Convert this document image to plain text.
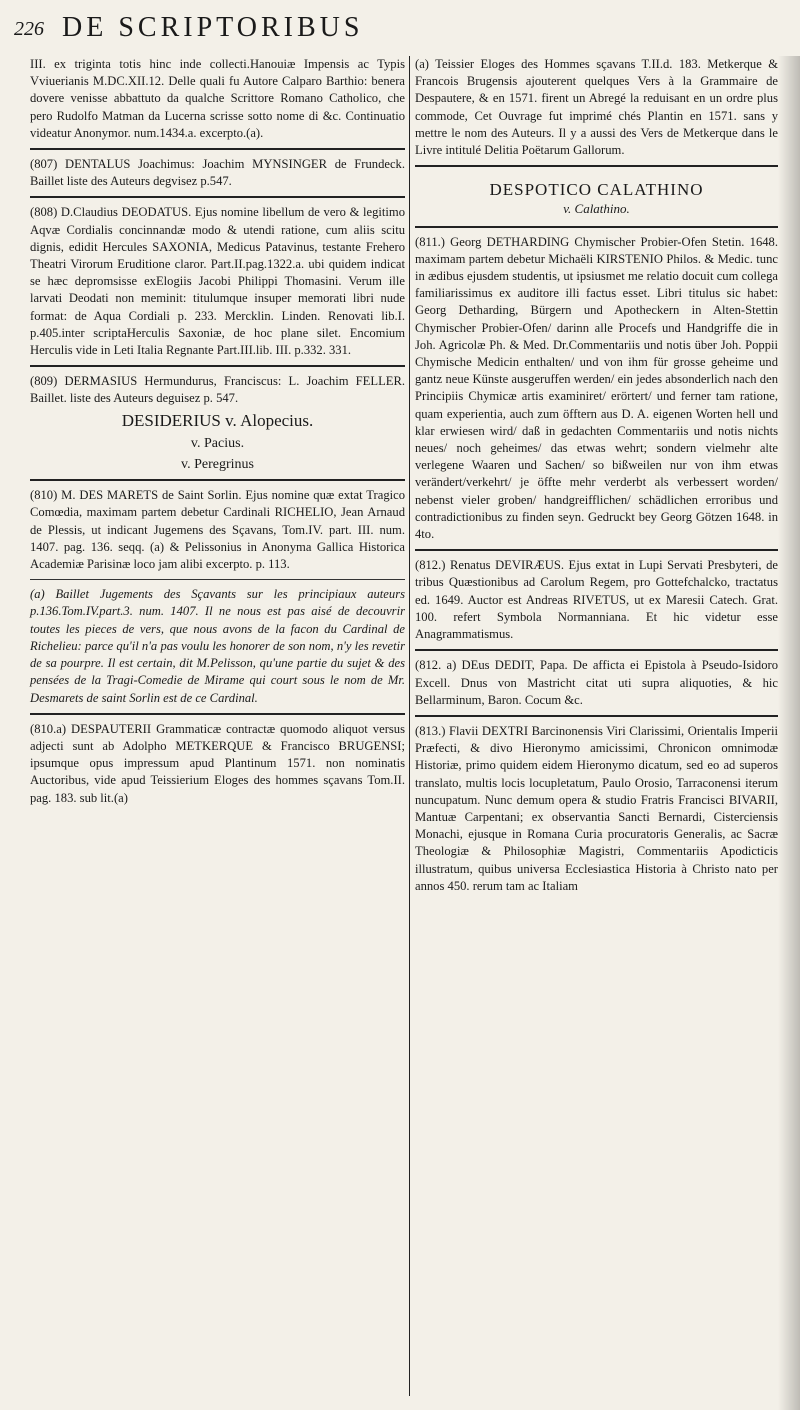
226 DE SCRIPTORIBUS

III. ex triginta totis hinc inde collecti.Hanouiæ Impensis ac Typis Vviuerianis M.DC.XII.12. Delle quali fu Autore Calparo Barthio: benera dovere venisse abbattuto da qualche Scrittore Romano Catholico, che pero Rudolfo Matman da Lucerna scrisse sotto nome di &c. Continuatio videatur Anonymor. num.1434.a. excerpto.(a).

(807) DENTALUS Joachimus: Joachim MYNSINGER de Frundeck. Baillet liste des Auteurs degvisez p.547.

(808) D.Claudius DEODATUS. Ejus nomine libellum de vero & legitimo Aqvæ Cordialis concinnandæ modo & utendi ratione, cum aliis scitu dignis, edidit Hercules SAXONIA, Medicus Patavinus, testante Frehero Theatri Virorum Eruditione claror. Part.II.pag.1322.a. ubi quidem indicat se hæc depromsisse exElogiis Jacobi Philippi Thomasini. Verum ille larvati Deodati non meminit: titulumque insuper memorati libri nude format: de Aqua Cordiali p. 233. Mercklin. Linden. Renovati lib.I. p.405.inter scriptaHerculis Saxoniæ, de hoc plane silet. Encomium Herculis vide in Leti Italia Regnante Part.III.lib. III. p.332. 331.

(809) DERMASIUS Hermundurus, Franciscus: L. Joachim FELLER. Baillet. liste des Auteurs deguisez p. 547.

DESIDERIUS v. Alopecius.

v. Pacius.

v. Peregrinus

(810) M. DES MARETS de Saint Sorlin. Ejus nomine quæ extat Tragico Comœdia, maximam partem debetur Cardinali RICHELIO, Jean Arnaud de Plessis, ut indicant Jugemens des Sçavans, Tom.IV. part. III. num. 1407. pag. 136. seqq. (a) & Pelissonius in Anonyma Gallica Historica Academiæ Parisinæ loco jam alibi excerpto. p. 113.

(a) Baillet Jugements des Sçavants sur les principiaux auteurs p.136.Tom.IV.part.3. num. 1407. Il ne nous est pas aisé de decouvrir toutes les pieces de vers, que nous avons de la facon du Cardinal de Richelieu: parce qu'il n'a pas voulu les honorer de son nom, n'y les revetir de sa pourpre. Il est certain, dit M.Pelisson, qu'une partie du sujet & des pensées de la Tragi-Comedie de Mirame qui court sous le nom de Mr. Desmarets de saint Sorlin est de ce Cardinal.

(810.a) DESPAUTERII Grammaticæ contractæ quomodo aliquot versus adjecti sunt ab Adolpho METKERQUE & Francisco BRUGENSI; ipsumque opus impressum apud Plantinum 1571. non nominatis Auctoribus, vide apud Teissierium Eloges des hommes sçavans Tom.II. pag. 183. sub lit.(a)

(a) Teissier Eloges des Hommes sçavans T.II.d. 183. Metkerque & Francois Brugensis ajouterent quelques Vers à la Grammaire de Despautere, & en 1571. firent un Abregé la reduisant en un ordre plus commode, Cet Ouvrage fut imprimé chés Plantin en 1571. sans y mettre le nom des Auteurs. Il y a aussi des Vers de Metkerque dans le Livre intitulé Delitia Poëtarum Gallorum.

DESPOTICO CALATHINO

v. Calathino.

(811.) Georg DETHARDING Chymischer Probier-Ofen Stetin. 1648. maximam partem debetur Michaëli KIRSTENIO Philos. & Medic. tunc in ædibus ejusdem studentis, ut ipsiusmet me relatio docuit cum collega familiarissimus ex auditore illi factus esset. Libri titulus sic habet: Georg Detharding, Bürgern und Apotheckern in Alten-Stettin Chymischer Probier-Ofen/ darinn alle Procefs und Handgriffe die in Joh. Agricolæ Ph. & Med. Dr.Commentariis und notis über Joh. Poppii Chymische Medicin enthalten/ und von ihm für grosse geheime und gantz neue Künste ausgeruffen werden/ ein jedes absonderlich nach den Principiis Chymicæ artis examiniret/ erörtert/ und ferner tam ratione, quam experientia, auch zum öfftern aus D. A. eigenen Worten hell und klar erwiesen wird/ daß in gedachten Commentariis und notis nichts neues/ noch geheimes/ das etwas wehrt; sondern vielmehr alte verlegene Waaren und Sachen/ so bißweilen nur von ihm etwas verändert/verkehrt/ je öffte mehr verderbt als verbessert worden/ nebenst vieler groben/ handgreifflichen/ schädlichen erroribus und contradictionibus zu finden seyn. Gedruckt bey Georg Götzen 1648. in 4to.

(812.) Renatus DEVIRÆUS. Ejus extat in Lupi Servati Presbyteri, de tribus Quæstionibus ad Carolum Regem, pro Gottefchalcko, tractatus ed. 1649. Auctor est Andreas RIVETUS, ut ex Maresii Catech. Grat. 100. refert Symbola Normanniana. Et hic videtur esse Anagrammatismus.

(812. a) DEus DEDIT, Papa. De afficta ei Epistola à Pseudo-Isidoro Excell. Dnus von Mastricht citat uti supra aliquoties, & hic Bellarminum, Baron. Cocum &c.

(813.) Flavii DEXTRI Barcinonensis Viri Clarissimi, Orientalis Imperii Præfecti, & divo Hieronymo amicissimi, Chronicon omnimodæ Historiæ, primo quidem eidem Hieronymo dicatum, sed eo ad superos translato, multis locis locupletatum, Paulo Orosio, Tarraconensi iterum nuncupatum. Nunc demum opera & studio Fratris Francisci BIVARII, Mantuæ Carpentani; ex observantia Sancti Bernardi, Cisterciensis Monachi, ejusque in Romana Curia procuratoris Generalis, ac Sacræ Theologiæ & Philosophiæ Magistri, Commentariis Apodicticis illustratum, quibus universa Ecclesiastica Historia à Christo nato per annos 450. rerum tam ac Italiam
